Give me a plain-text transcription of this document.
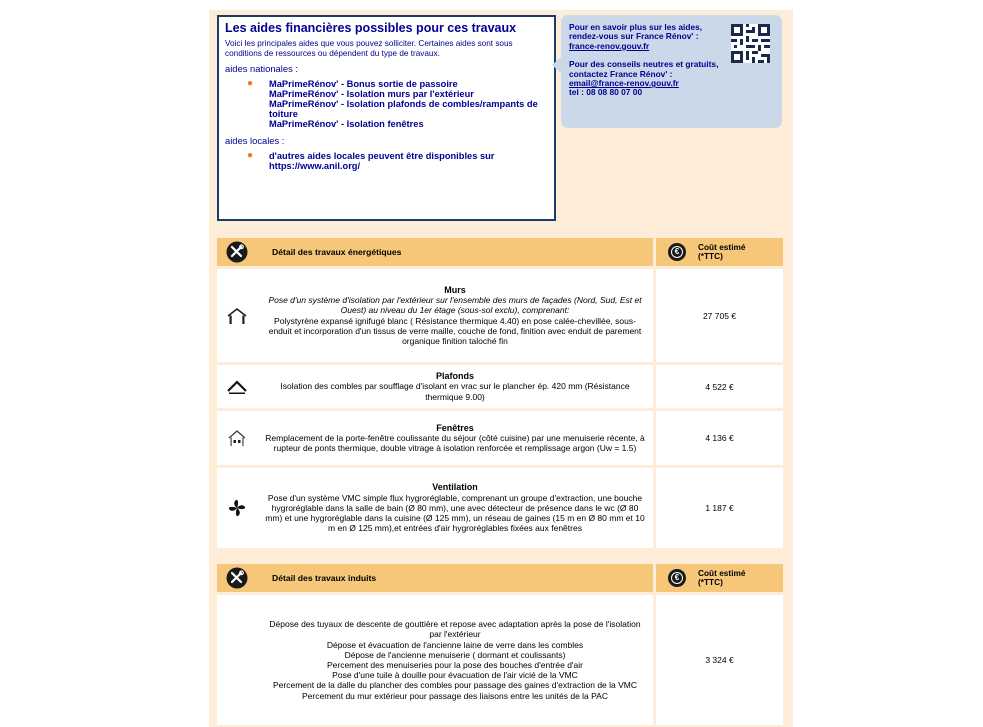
Les aides financières possibles pour ces travaux
Voici les principales aides que vous pouvez solliciter. Certaines aides sont sous conditions de ressources ou dépendent du type de travaux.
aides nationales :
● MaPrimeRénov' - Bonus sortie de passoire
MaPrimeRénov' - Isolation murs par l'extérieur
MaPrimeRénov' - Isolation plafonds de combles/rampants de toiture
MaPrimeRénov' - Isolation fenêtres
aides locales :
● d'autres aides locales peuvent être disponibles sur https://www.anil.org/
Pour en savoir plus sur les aides,
rendez-vous sur France Rénov' :
france-renov.gouv.fr
Pour des conseils neutres et gratuits,
contactez France Rénov' :
email@france-renov.gouv.fr
tel : 08 08 80 07 00
Détail des travaux énergétiques	€	Coût estimé (*TTC)
Murs
Pose d'un système d'isolation par l'extérieur sur l'ensemble des murs de façades (Nord, Sud, Est et Ouest) au niveau du 1er étage (sous-sol exclu), comprenant:
Polystyrène expansé ignifugé blanc ( Résistance thermique 4.40) en pose calée-chevillée, sous-enduit et incorporation d'un tissus de verre maille, couche de fond, finition avec enduit de parement organique finition taloché fin
27 705 €
Plafonds
Isolation des combles par soufflage d'isolant en vrac sur le plancher ép. 420 mm (Résistance thermique 9.00)
4 522 €
Fenêtres
Remplacement de la porte-fenêtre coulissante du séjour (côté cuisine) par une menuiserie récente, à rupteur de ponts thermique, double vitrage à isolation renforcée et remplissage argon (Uw = 1.5)
4 136 €
Ventilation
Pose d'un système VMC simple flux hygroréglable, comprenant un groupe d'extraction, une bouche hygroréglable dans la salle de bain (Ø 80 mm), une avec détecteur de présence dans le wc (Ø 80 mm) et une hygroréglable dans la cuisine (Ø 125 mm), un réseau de gaines (15 m en Ø 80 mm et 10 m en Ø 125 mm),et entrées d'air hygroréglables fixées aux fenêtres
1 187 €
Détail des travaux induits	€	Coût estimé (*TTC)
Dépose des tuyaux de descente de gouttière et repose avec adaptation après la pose de l'isolation par l'extérieur
Dépose et évacuation de l'ancienne laine de verre dans les combles
Dépose de l'ancienne menuiserie ( dormant et coulissants)
Percement des menuiseries pour la pose des bouches d'entrée d'air
Pose d'une tuile à douille pour évacuation de l'air vicié de la VMC
Percement de la dalle du plancher des combles pour passage des gaines d'extraction de la VMC
Percement du mur extérieur pour passage des liaisons entre les unités de la PAC
3 324 €
